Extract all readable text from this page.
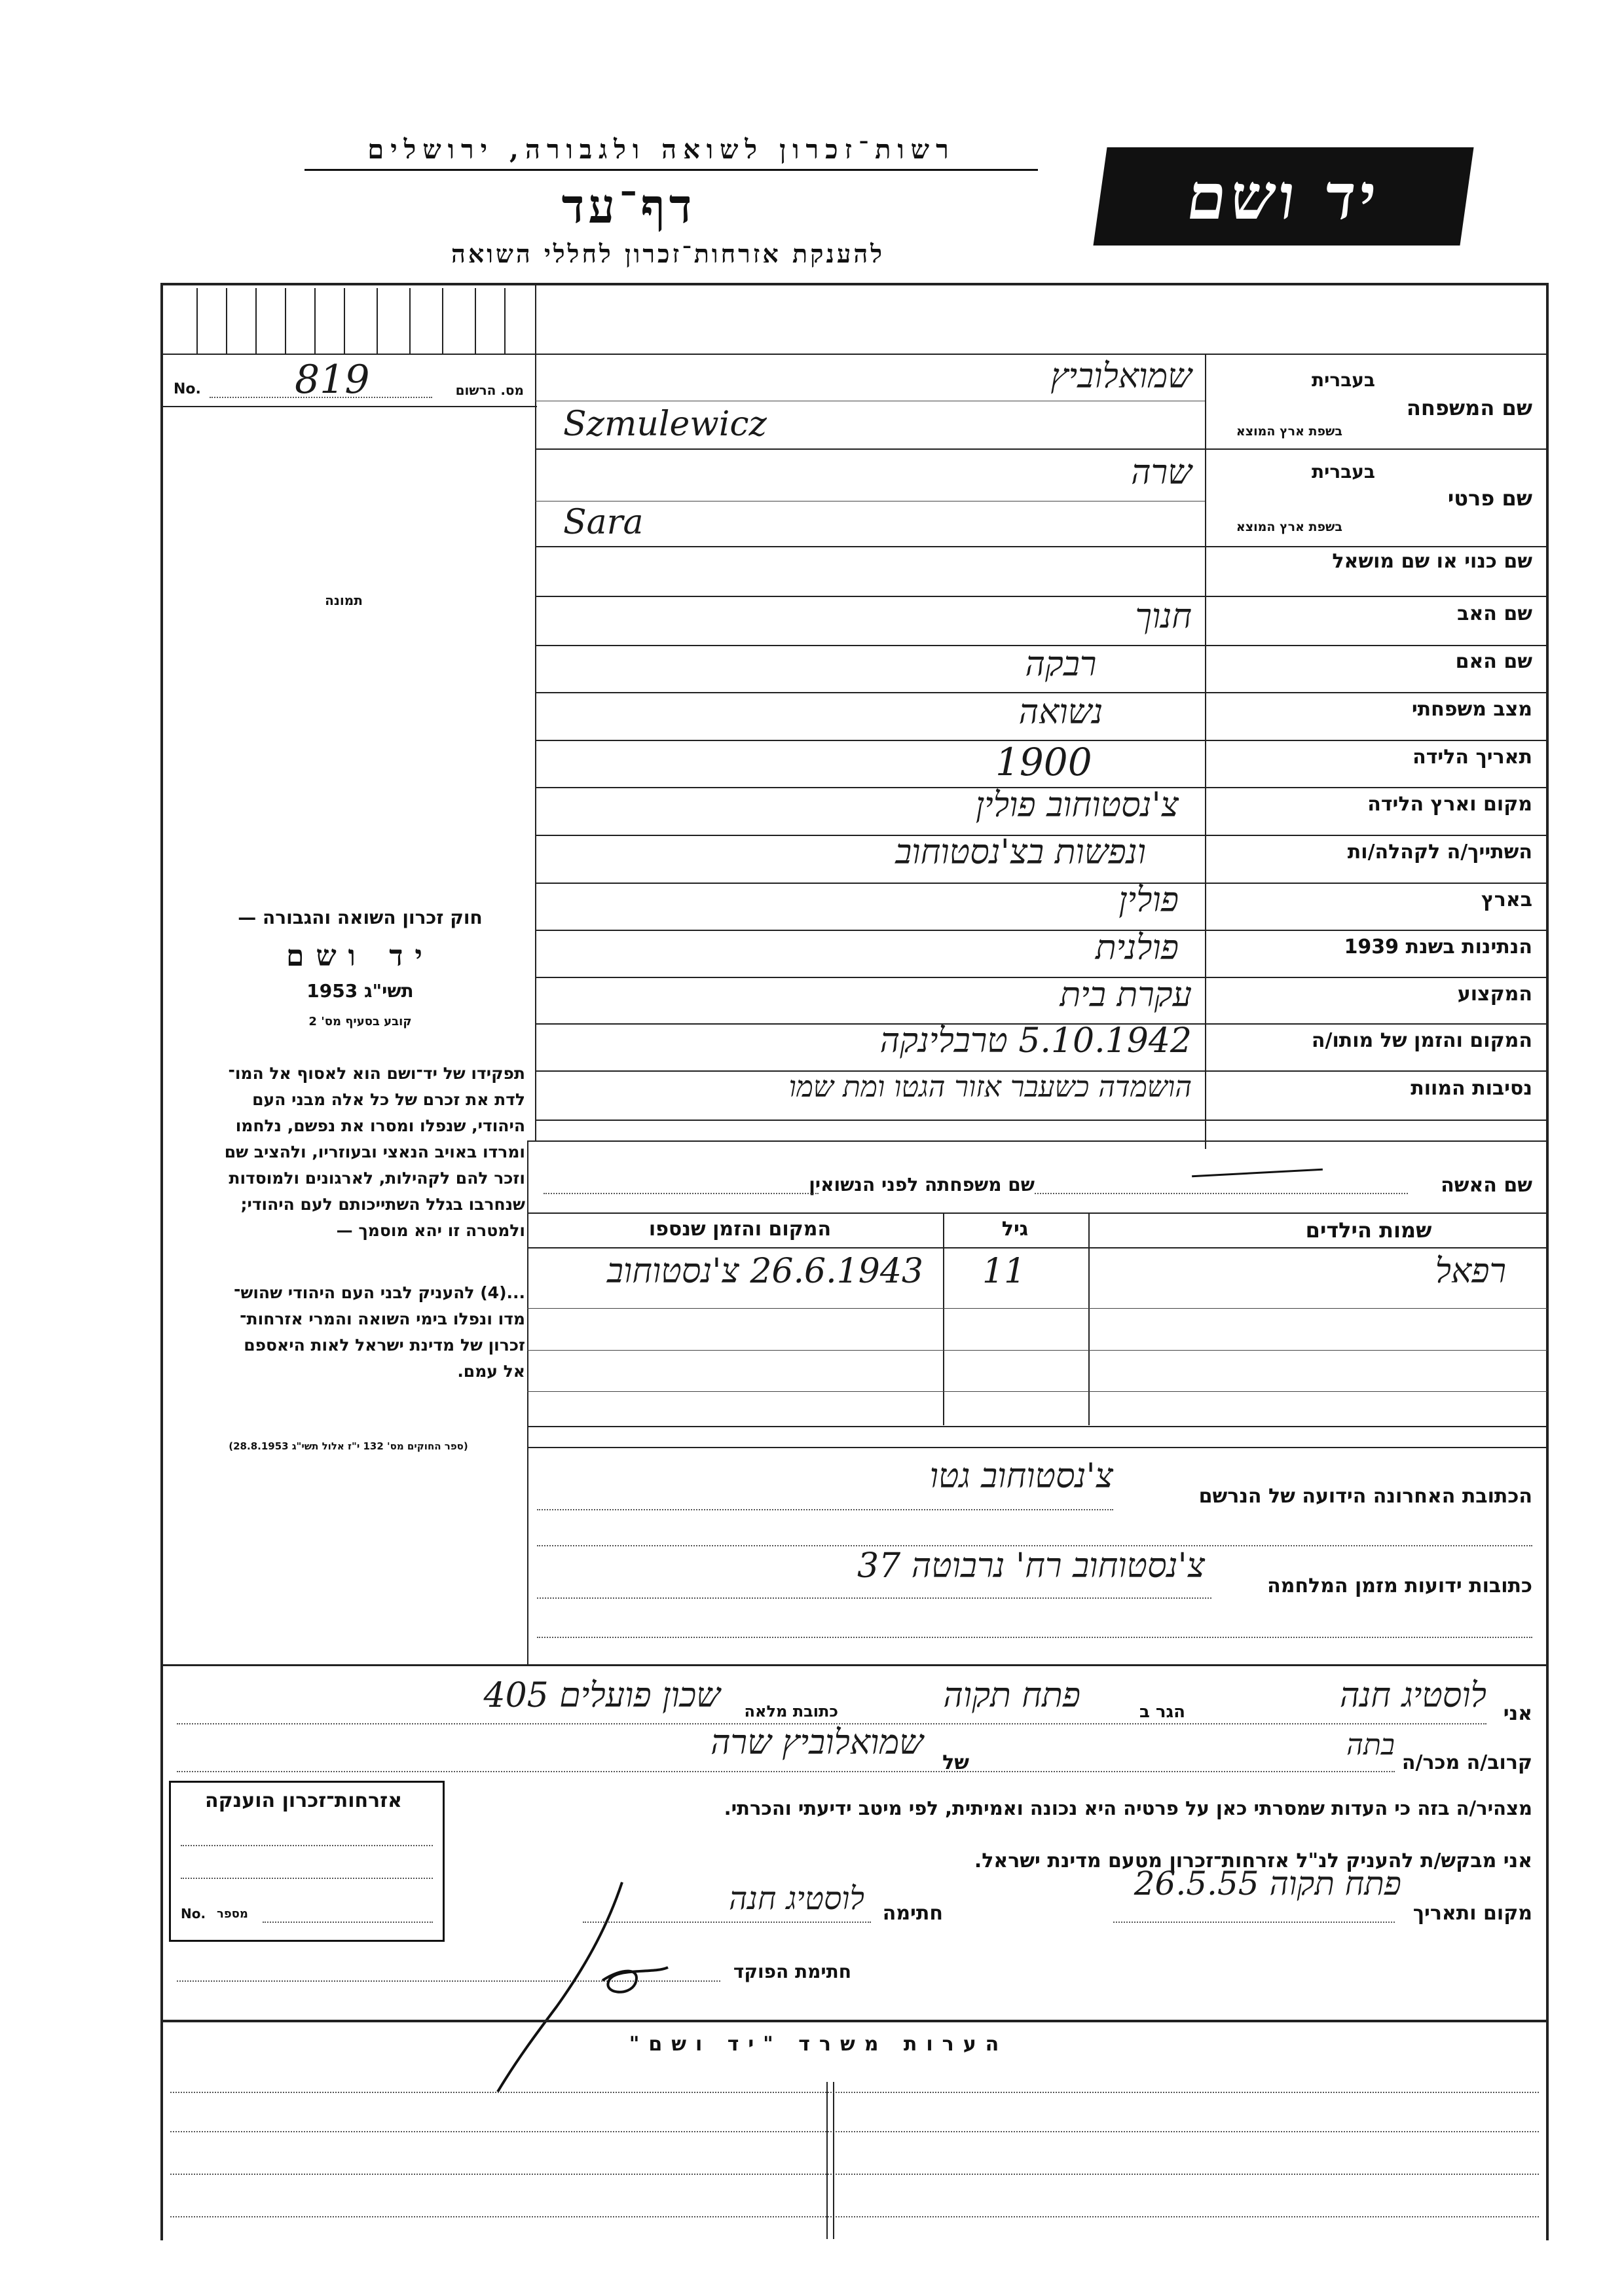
רשות־זכרון לשואה ולגבורה, ירושלים
דף־עד
להענקת אזרחות־זכרון לחללי השואה
יד ושם
מס. הרשום
No. 819
תמונה
חוק זכרון השואה והגבורה —
יד ושם
תשי"ג 1953
קובע בסעיף מס' 2
תפקידו של יד־ושם הוא לאסוף אל המו־
לדת את זכרם של כל אלה מבני העם
היהודי, שנפלו ומסרו את נפשם, נלחמו
ומרדו באויב הנאצי ובעוזריו, ולהציב שם
וזכר להם לקהילות, לארגונים ולמוסדות
שנחרבו בגלל השתייכותם לעם היהודי;
ולמטרה זו יהא מוסמך —
...(4) להעניק לבני העם היהודי שהוש־
מדו ונפלו בימי השואה והמרי אזרחות־
זכרון של מדינת ישראל לאות היאספם
אל עמם.
(ספר החוקים מס' 132 י"ז אלול תשי"ג 28.8.1953)
שם המשפחה
בעברית
בשפת ארץ המוצא
שמואלוביץ
Szmulewicz
שם פרטי
בעברית
בשפת ארץ המוצא
שרה
Sara
שם כנוי או שם מושאל
שם האב
חנוך
שם האם
רבקה
מצב משפחתי
נשואה
תאריך הלידה
1900
מקום וארץ הלידה
צ'נסטוחוב פולין
השתייך/ה לקהלה/ות
ונפשות בצ'נסטוחוב
בארץ
פולין
הנתינות בשנת 1939
פולנית
המקצוע
עקרת בית
המקום והזמן של מותו/ה
5.10.1942 טרבלינקה
נסיבות המוות
הושמדה כשעבר אזור הגטו ומת שמו
שם האשה
שם משפחתה לפני הנשואין
שמות הילדים
גיל
המקום והזמן שנספו
רפאל
11
26.6.1943 צ'נסטוחוב
הכתובת האחרונה הידועה של הנרשם
צ'נסטוחוב גטו
כתובות ידועות מזמן המלחמה
צ'נסטוחוב רח' נרבוטה 37
אני
לוסטיג חנה
הגר ב
פתח תקוה
כתובת מלאה
שכון פועלים 405
קרוב/ה מכר/ה
בתה
של
שמואלוביץ שרה
מצהיר/ה בזה כי העדות שמסרתי כאן על פרטיה היא נכונה ואמיתית, לפי מיטב ידיעתי והכרתי.
אני מבקש/ת להעניק לנ"ל אזרחות־זכרון מטעם מדינת ישראל.
מקום ותאריך
פתח תקוה 26.5.55
חתימה
לוסטיג חנה
חתימת הפוקד
אזרחות־זכרון הוענקה
מספר
No.
הערות משרד "יד ושם"
